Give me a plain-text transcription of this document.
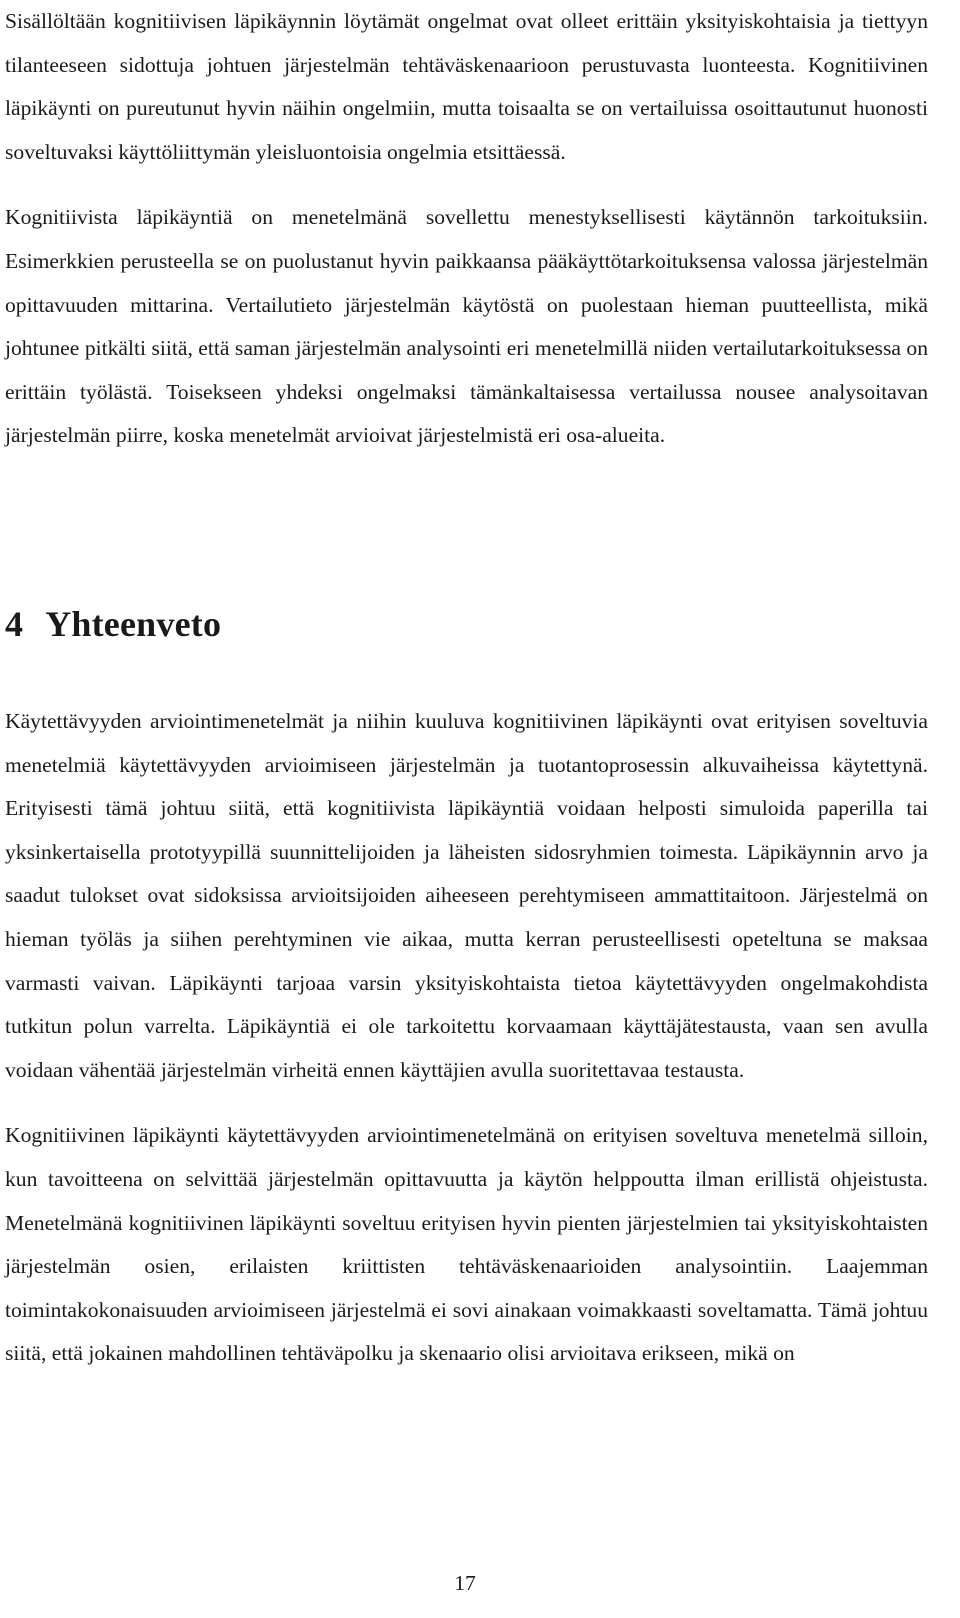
Sisällöltään kognitiivisen läpikäynnin löytämät ongelmat ovat olleet erittäin yksityiskohtaisia ja tiettyyn tilanteeseen sidottuja johtuen järjestelmän tehtäväskenaarioon perustuvasta luonteesta. Kognitiivinen läpikäynti on pureutunut hyvin näihin ongelmiin, mutta toisaalta se on vertailuissa osoittautunut huonosti soveltuvaksi käyttöliittymän yleisluontoisia ongelmia etsittäessä.

Kognitiivista läpikäyntiä on menetelmänä sovellettu menestyksellisesti käytännön tarkoituksiin. Esimerkkien perusteella se on puolustanut hyvin paikkaansa pääkäyttötarkoituksensa valossa järjestelmän opittavuuden mittarina. Vertailutieto järjestelmän käytöstä on puolestaan hieman puutteellista, mikä johtunee pitkälti siitä, että saman järjestelmän analysointi eri menetelmillä niiden vertailutarkoituksessa on erittäin työlästä. Toisekseen yhdeksi ongelmaksi tämänkaltaisessa vertailussa nousee analysoitavan järjestelmän piirre, koska menetelmät arvioivat järjestelmistä eri osa-alueita.

4 Yhteenveto

Käytettävyyden arviointimenetelmät ja niihin kuuluva kognitiivinen läpikäynti ovat erityisen soveltuvia menetelmiä käytettävyyden arvioimiseen järjestelmän ja tuotantoprosessin alkuvaiheissa käytettynä. Erityisesti tämä johtuu siitä, että kognitiivista läpikäyntiä voidaan helposti simuloida paperilla tai yksinkertaisella prototyypillä suunnittelijoiden ja läheisten sidosryhmien toimesta. Läpikäynnin arvo ja saadut tulokset ovat sidoksissa arvioitsijoiden aiheeseen perehtymiseen ammattitaitoon. Järjestelmä on hieman työläs ja siihen perehtyminen vie aikaa, mutta kerran perusteellisesti opeteltuna se maksaa varmasti vaivan. Läpikäynti tarjoaa varsin yksityiskohtaista tietoa käytettävyyden ongelmakohdista tutkitun polun varrelta. Läpikäyntiä ei ole tarkoitettu korvaamaan käyttäjätestausta, vaan sen avulla voidaan vähentää järjestelmän virheitä ennen käyttäjien avulla suoritettavaa testausta.

Kognitiivinen läpikäynti käytettävyyden arviointimenetelmänä on erityisen soveltuva menetelmä silloin, kun tavoitteena on selvittää järjestelmän opittavuutta ja käytön helppoutta ilman erillistä ohjeistusta. Menetelmänä kognitiivinen läpikäynti soveltuu erityisen hyvin pienten järjestelmien tai yksityiskohtaisten järjestelmän osien, erilaisten kriittisten tehtäväskenaarioiden analysointiin. Laajemman toimintakokonaisuuden arvioimiseen järjestelmä ei sovi ainakaan voimakkaasti soveltamatta. Tämä johtuu siitä, että jokainen mahdollinen tehtäväpolku ja skenaario olisi arvioitava erikseen, mikä on

17
